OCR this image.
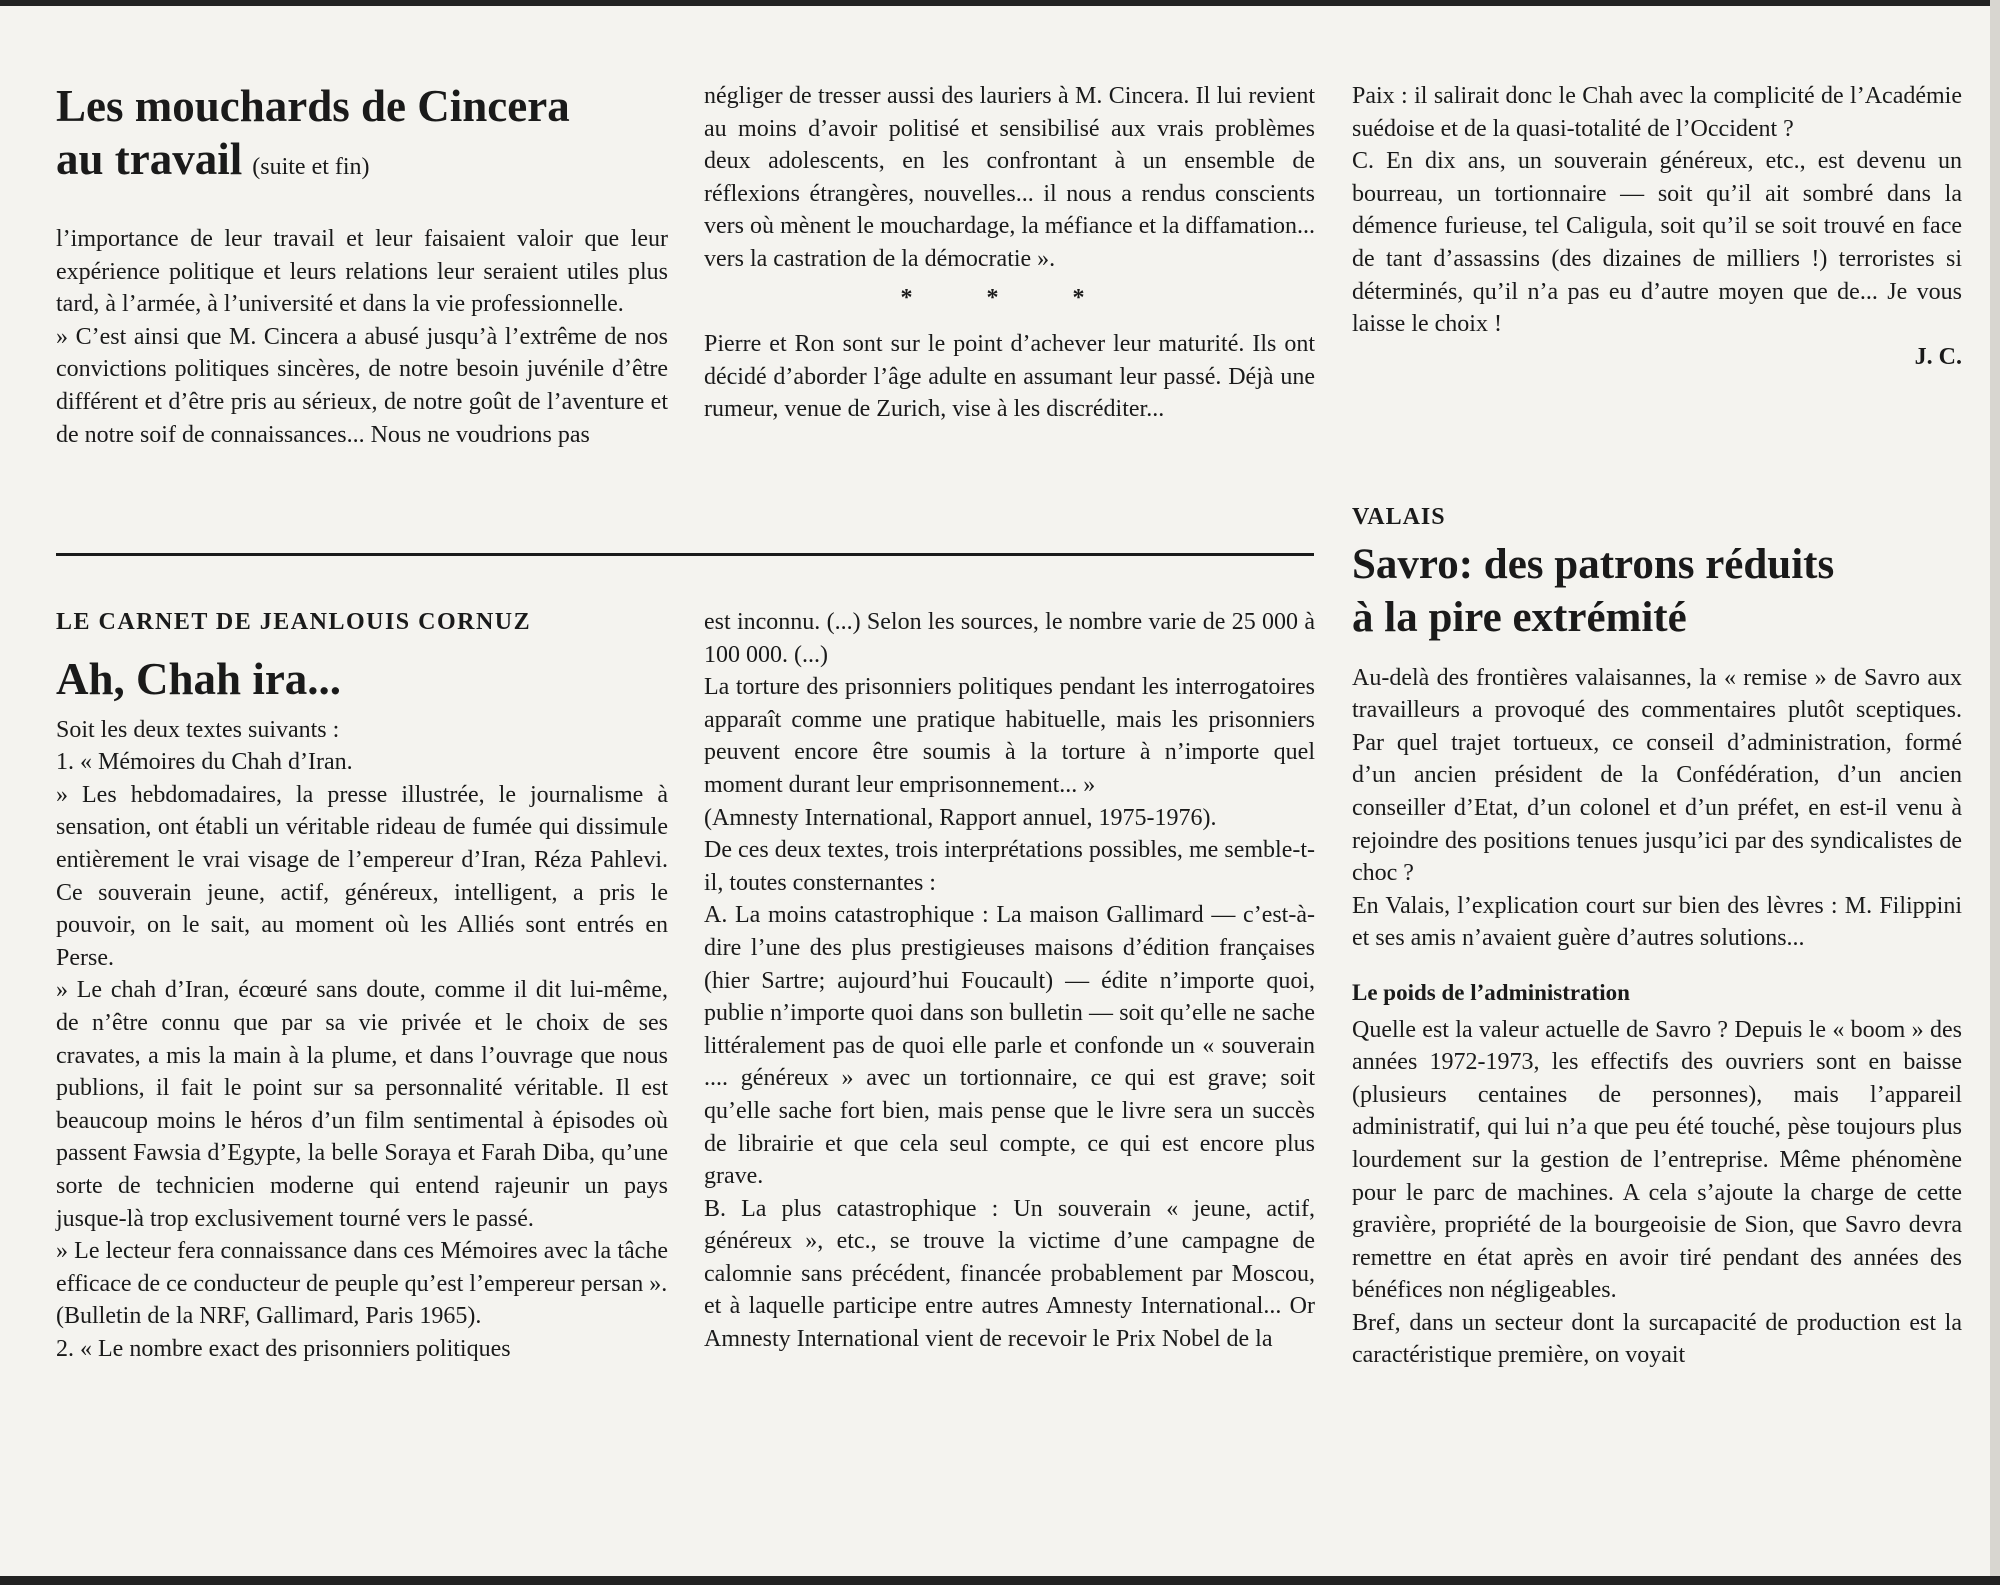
Les mouchards de Cincera
au travail (suite et fin)

l’importance de leur travail et leur faisaient valoir que leur expérience politique et leurs relations leur seraient utiles plus tard, à l’armée, à l’université et dans la vie professionnelle.

» C’est ainsi que M. Cincera a abusé jusqu’à l’extrême de nos convictions politiques sincères, de notre besoin juvénile d’être différent et d’être pris au sérieux, de notre goût de l’aventure et de notre soif de connaissances... Nous ne voudrions pas

négliger de tresser aussi des lauriers à M. Cincera. Il lui revient au moins d’avoir politisé et sensibilisé aux vrais problèmes deux adolescents, en les confrontant à un ensemble de réflexions étrangères, nouvelles... il nous a rendus conscients vers où mènent le mouchardage, la méfiance et la diffamation... vers la castration de la démocratie ».

* * *

Pierre et Ron sont sur le point d’achever leur maturité. Ils ont décidé d’aborder l’âge adulte en assumant leur passé. Déjà une rumeur, venue de Zurich, vise à les discréditer...

LE CARNET DE JEANLOUIS CORNUZ

Ah, Chah ira...

Soit les deux textes suivants :

1. « Mémoires du Chah d’Iran.

» Les hebdomadaires, la presse illustrée, le journalisme à sensation, ont établi un véritable rideau de fumée qui dissimule entièrement le vrai visage de l’empereur d’Iran, Réza Pahlevi. Ce souverain jeune, actif, généreux, intelligent, a pris le pouvoir, on le sait, au moment où les Alliés sont entrés en Perse.

» Le chah d’Iran, écœuré sans doute, comme il dit lui-même, de n’être connu que par sa vie privée et le choix de ses cravates, a mis la main à la plume, et dans l’ouvrage que nous publions, il fait le point sur sa personnalité véritable. Il est beaucoup moins le héros d’un film sentimental à épisodes où passent Fawsia d’Egypte, la belle Soraya et Farah Diba, qu’une sorte de technicien moderne qui entend rajeunir un pays jusque-là trop exclusivement tourné vers le passé.

» Le lecteur fera connaissance dans ces Mémoires avec la tâche efficace de ce conducteur de peuple qu’est l’empereur persan ».

(Bulletin de la NRF, Gallimard, Paris 1965).

2. « Le nombre exact des prisonniers politiques

est inconnu. (...) Selon les sources, le nombre varie de 25 000 à 100 000. (...)

La torture des prisonniers politiques pendant les interrogatoires apparaît comme une pratique habituelle, mais les prisonniers peuvent encore être soumis à la torture à n’importe quel moment durant leur emprisonnement... »

(Amnesty International, Rapport annuel, 1975-1976).

De ces deux textes, trois interprétations possibles, me semble-t-il, toutes consternantes :

A. La moins catastrophique : La maison Gallimard — c’est-à-dire l’une des plus prestigieuses maisons d’édition françaises (hier Sartre; aujourd’hui Foucault) — édite n’importe quoi, publie n’importe quoi dans son bulletin — soit qu’elle ne sache littéralement pas de quoi elle parle et confonde un « souverain .... généreux » avec un tortionnaire, ce qui est grave; soit qu’elle sache fort bien, mais pense que le livre sera un succès de librairie et que cela seul compte, ce qui est encore plus grave.

B. La plus catastrophique : Un souverain « jeune, actif, généreux », etc., se trouve la victime d’une campagne de calomnie sans précédent, financée probablement par Moscou, et à laquelle participe entre autres Amnesty International... Or Amnesty International vient de recevoir le Prix Nobel de la

Paix : il salirait donc le Chah avec la complicité de l’Académie suédoise et de la quasi-totalité de l’Occident ?

C. En dix ans, un souverain généreux, etc., est devenu un bourreau, un tortionnaire — soit qu’il ait sombré dans la démence furieuse, tel Caligula, soit qu’il se soit trouvé en face de tant d’assassins (des dizaines de milliers !) terroristes si déterminés, qu’il n’a pas eu d’autre moyen que de... Je vous laisse le choix !

J. C.

VALAIS

Savro: des patrons réduits
à la pire extrémité

Au-delà des frontières valaisannes, la « remise » de Savro aux travailleurs a provoqué des commentaires plutôt sceptiques. Par quel trajet tortueux, ce conseil d’administration, formé d’un ancien président de la Confédération, d’un ancien conseiller d’Etat, d’un colonel et d’un préfet, en est-il venu à rejoindre des positions tenues jusqu’ici par des syndicalistes de choc ?

En Valais, l’explication court sur bien des lèvres : M. Filippini et ses amis n’avaient guère d’autres solutions...

Le poids de l’administration

Quelle est la valeur actuelle de Savro ? Depuis le « boom » des années 1972-1973, les effectifs des ouvriers sont en baisse (plusieurs centaines de personnes), mais l’appareil administratif, qui lui n’a que peu été touché, pèse toujours plus lourdement sur la gestion de l’entreprise. Même phénomène pour le parc de machines. A cela s’ajoute la charge de cette gravière, propriété de la bourgeoisie de Sion, que Savro devra remettre en état après en avoir tiré pendant des années des bénéfices non négligeables.

Bref, dans un secteur dont la surcapacité de production est la caractéristique première, on voyait
